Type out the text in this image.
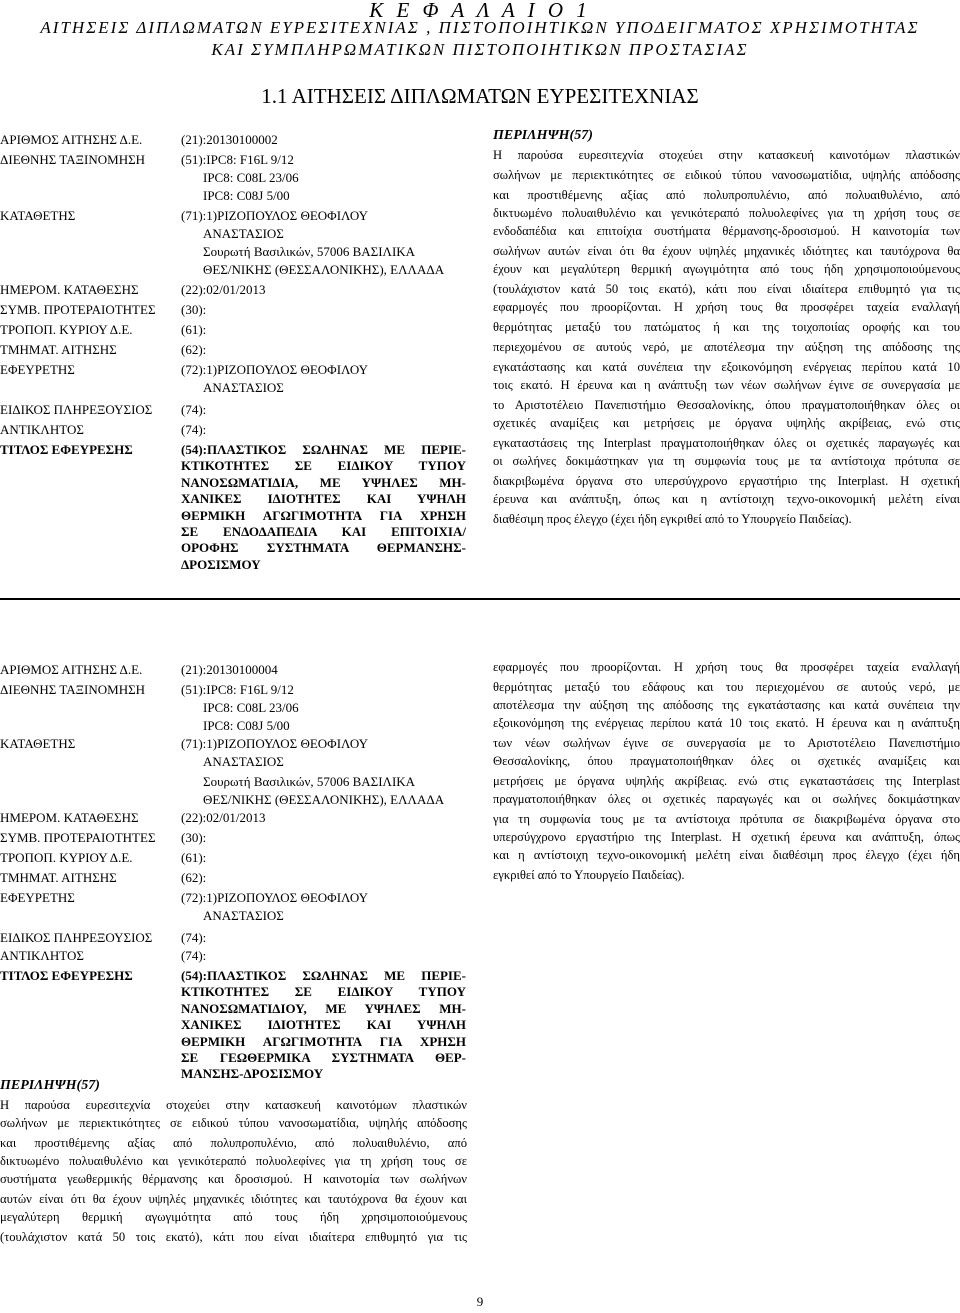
Κ Ε Φ Α Λ Α Ι Ο 1
ΑΙΤΗΣΕΙΣ ΔΙΠΛΩΜΑΤΩΝ ΕΥΡΕΣΙΤΕΧΝΙΑΣ , ΠΙΣΤΟΠΟΙΗΤΙΚΩΝ ΥΠΟΔΕΙΓΜΑΤΟΣ ΧΡΗΣΙΜΟΤΗΤΑΣ
ΚΑΙ ΣΥΜΠΛΗΡΩΜΑΤΙΚΩΝ ΠΙΣΤΟΠΟΙΗΤΙΚΩΝ ΠΡΟΣΤΑΣΙΑΣ
1.1 ΑΙΤΗΣΕΙΣ ΔΙΠΛΩΜΑΤΩΝ ΕΥΡΕΣΙΤΕΧΝΙΑΣ
ΑΡΙΘΜΟΣ ΑΙΤΗΣΗΣ Δ.Ε.	(21):20130100002
ΔΙΕΘΝΗΣ ΤΑΞΙΝΟΜΗΣΗ	(51):IPC8: F16L 9/12
IPC8: C08L 23/06
IPC8: C08J 5/00
ΚΑΤΑΘΕΤΗΣ	(71):1)ΡΙΖΟΠΟΥΛΟΣ ΘΕΟΦΙΛΟΥ
ΑΝΑΣΤΑΣΙΟΣ
Σουρωτή Βασιλικών, 57006 ΒΑΣΙΛΙΚΑ
ΘΕΣ/ΝΙΚΗΣ (ΘΕΣΣΑΛΟΝΙΚΗΣ), ΕΛΛΑΔΑ
ΗΜΕΡΟΜ. ΚΑΤΑΘΕΣΗΣ	(22):02/01/2013
ΣΥΜΒ. ΠΡΟΤΕΡΑΙΟΤΗΤΕΣ (30):
ΤΡΟΠΟΠ. ΚΥΡΙΟΥ Δ.Ε.	(61):
ΤΜΗΜΑΤ. ΑΙΤΗΣΗΣ	(62):
ΕΦΕΥΡΕΤΗΣ	(72):1)ΡΙΖΟΠΟΥΛΟΣ ΘΕΟΦΙΛΟΥ
ΑΝΑΣΤΑΣΙΟΣ
ΕΙΔΙΚΟΣ ΠΛΗΡΕΞΟΥΣΙΟΣ (74):
ΑΝΤΙΚΛΗΤΟΣ	(74):
ΤΙΤΛΟΣ ΕΦΕΥΡΕΣΗΣ	(54):ΠΛΑΣΤΙΚΟΣ ΣΩΛΗΝΑΣ ΜΕ ΠΕΡΙΕ-
ΚΤΙΚΟΤΗΤΕΣ ΣΕ ΕΙΔΙΚΟΥ ΤΥΠΟΥ
ΝΑΝΟΣΩΜΑΤΙΔΙΑ, ΜΕ ΥΨΗΛΕΣ ΜΗ-
ΧΑΝΙΚΕΣ ΙΔΙΟΤΗΤΕΣ ΚΑΙ ΥΨΗΛΗ
ΘΕΡΜΙΚΗ ΑΓΩΓΙΜΟΤΗΤΑ ΓΙΑ ΧΡΗΣΗ
ΣΕ ΕΝΔΟΔΑΠΕΔΙΑ ΚΑΙ ΕΠΙΤΟΙΧΙΑ/
ΟΡΟΦΗΣ ΣΥΣΤΗΜΑΤΑ ΘΕΡΜΑΝΣΗΣ-
ΔΡΟΣΙΣΜΟΥ
ΠΕΡΙΛΗΨΗ(57)
Η παρούσα ευρεσιτεχνία στοχεύει στην κατασκευή καινοτόμων πλαστικών
σωλήνων με περιεκτικότητες σε ειδικού τύπου νανοσωματίδια, υψηλής απόδοσης
και προστιθέμενης αξίας από πολυπροπυλένιο, από πολυαιθυλένιο, από
δικτυωμένο πολυαιθυλένιο και γενικότεραπό πολυολεφίνες για τη χρήση τους σε
ενδοδαπέδια και επιτοίχια συστήματα θέρμανσης-δροσισμού. Η καινοτομία των
σωλήνων αυτών είναι ότι θα έχουν υψηλές μηχανικές ιδιότητες και ταυτόχρονα θα
έχουν και μεγαλύτερη θερμική αγωγιμότητα από τους ήδη χρησιμοποιούμενους
(τουλάχιστον κατά 50 τοις εκατό), κάτι που είναι ιδιαίτερα επιθυμητό για τις
εφαρμογές που προορίζονται. Η χρήση τους θα προσφέρει ταχεία εναλλαγή
θερμότητας μεταξύ του πατώματος ή και της τοιχοποιίας οροφής και του
περιεχομένου σε αυτούς νερό, με αποτέλεσμα την αύξηση της απόδοσης της
εγκατάστασης και κατά συνέπεια την εξοικονόμηση ενέργειας περίπου κατά 10
τοις εκατό. Η έρευνα και η ανάπτυξη των νέων σωλήνων έγινε σε συνεργασία με
το Αριστοτέλειο Πανεπιστήμιο Θεσσαλονίκης, όπου πραγματοποιήθηκαν όλες οι
σχετικές αναμίξεις και μετρήσεις με όργανα υψηλής ακρίβειας, ενώ στις
εγκαταστάσεις της Interplast πραγματοποιήθηκαν όλες οι σχετικές παραγωγές και
οι σωλήνες δοκιμάστηκαν για τη συμφωνία τους με τα αντίστοιχα πρότυπα σε
διακριβωμένα όργανα στο υπερσύγχρονο εργαστήριο της Interplast. Η σχετική
έρευνα και ανάπτυξη, όπως και η αντίστοιχη τεχνο-οικονομική μελέτη είναι
διαθέσιμη προς έλεγχο (έχει ήδη εγκριθεί από το Υπουργείο Παιδείας).
ΑΡΙΘΜΟΣ ΑΙΤΗΣΗΣ Δ.Ε.	(21):20130100004
ΔΙΕΘΝΗΣ ΤΑΞΙΝΟΜΗΣΗ	(51):IPC8: F16L 9/12
IPC8: C08L 23/06
IPC8: C08J 5/00
ΚΑΤΑΘΕΤΗΣ	(71):1)ΡΙΖΟΠΟΥΛΟΣ ΘΕΟΦΙΛΟΥ
ΑΝΑΣΤΑΣΙΟΣ
Σουρωτή Βασιλικών, 57006 ΒΑΣΙΛΙΚΑ
ΘΕΣ/ΝΙΚΗΣ (ΘΕΣΣΑΛΟΝΙΚΗΣ), ΕΛΛΑΔΑ
ΗΜΕΡΟΜ. ΚΑΤΑΘΕΣΗΣ	(22):02/01/2013
ΣΥΜΒ. ΠΡΟΤΕΡΑΙΟΤΗΤΕΣ (30):
ΤΡΟΠΟΠ. ΚΥΡΙΟΥ Δ.Ε.	(61):
ΤΜΗΜΑΤ. ΑΙΤΗΣΗΣ	(62):
ΕΦΕΥΡΕΤΗΣ	(72):1)ΡΙΖΟΠΟΥΛΟΣ ΘΕΟΦΙΛΟΥ
ΑΝΑΣΤΑΣΙΟΣ
ΕΙΔΙΚΟΣ ΠΛΗΡΕΞΟΥΣΙΟΣ (74):
ΑΝΤΙΚΛΗΤΟΣ	(74):
ΤΙΤΛΟΣ ΕΦΕΥΡΕΣΗΣ	(54):ΠΛΑΣΤΙΚΟΣ ΣΩΛΗΝΑΣ ΜΕ ΠΕΡΙΕ-
ΚΤΙΚΟΤΗΤΕΣ ΣΕ ΕΙΔΙΚΟΥ ΤΥΠΟΥ
ΝΑΝΟΣΩΜΑΤΙΔΙΟΥ, ΜΕ ΥΨΗΛΕΣ ΜΗ-
ΧΑΝΙΚΕΣ ΙΔΙΟΤΗΤΕΣ ΚΑΙ ΥΨΗΛΗ
ΘΕΡΜΙΚΗ ΑΓΩΓΙΜΟΤΗΤΑ ΓΙΑ ΧΡΗΣΗ
ΣΕ ΓΕΩΘΕΡΜΙΚΑ ΣΥΣΤΗΜΑΤΑ ΘΕΡ-
ΜΑΝΣΗΣ-ΔΡΟΣΙΣΜΟΥ
ΠΕΡΙΛΗΨΗ(57)
Η παρούσα ευρεσιτεχνία στοχεύει στην κατασκευή καινοτόμων πλαστικών
σωλήνων με περιεκτικότητες σε ειδικού τύπου νανοσωματίδια, υψηλής απόδοσης
και προστιθέμενης αξίας από πολυπροπυλένιο, από πολυαιθυλένιο, από
δικτυωμένο πολυαιθυλένιο και γενικότεραπό πολυολεφίνες για τη χρήση τους σε
συστήματα γεωθερμικής θέρμανσης και δροσισμού. Η καινοτομία των σωλήνων
αυτών είναι ότι θα έχουν υψηλές μηχανικές ιδιότητες και ταυτόχρονα θα έχουν και
μεγαλύτερη θερμική αγωγιμότητα από τους ήδη χρησιμοποιούμενους
(τουλάχιστον κατά 50 τοις εκατό), κάτι που είναι ιδιαίτερα επιθυμητό για τις
εφαρμογές που προορίζονται. Η χρήση τους θα προσφέρει ταχεία εναλλαγή
θερμότητας μεταξύ του εδάφους και του περιεχομένου σε αυτούς νερό, με
αποτέλεσμα την αύξηση της απόδοσης της εγκατάστασης και κατά συνέπεια την
εξοικονόμηση της ενέργειας περίπου κατά 10 τοις εκατό. Η έρευνα και η ανάπτυξη
των νέων σωλήνων έγινε σε συνεργασία με το Αριστοτέλειο Πανεπιστήμιο
Θεσσαλονίκης, όπου πραγματοποιήθηκαν όλες οι σχετικές αναμίξεις και
μετρήσεις με όργανα υψηλής ακρίβειας. ενώ στις εγκαταστάσεις της Interplast
πραγματοποιήθηκαν όλες οι σχετικές παραγωγές και οι σωλήνες δοκιμάστηκαν
για τη συμφωνία τους με τα αντίστοιχα πρότυπα σε διακριβωμένα όργανα στο
υπερσύγχρονο εργαστήριο της Interplast. Η σχετική έρευνα και ανάπτυξη, όπως
και η αντίστοιχη τεχνο-οικονομική μελέτη είναι διαθέσιμη προς έλεγχο (έχει ήδη
εγκριθεί από το Υπουργείο Παιδείας).
9
